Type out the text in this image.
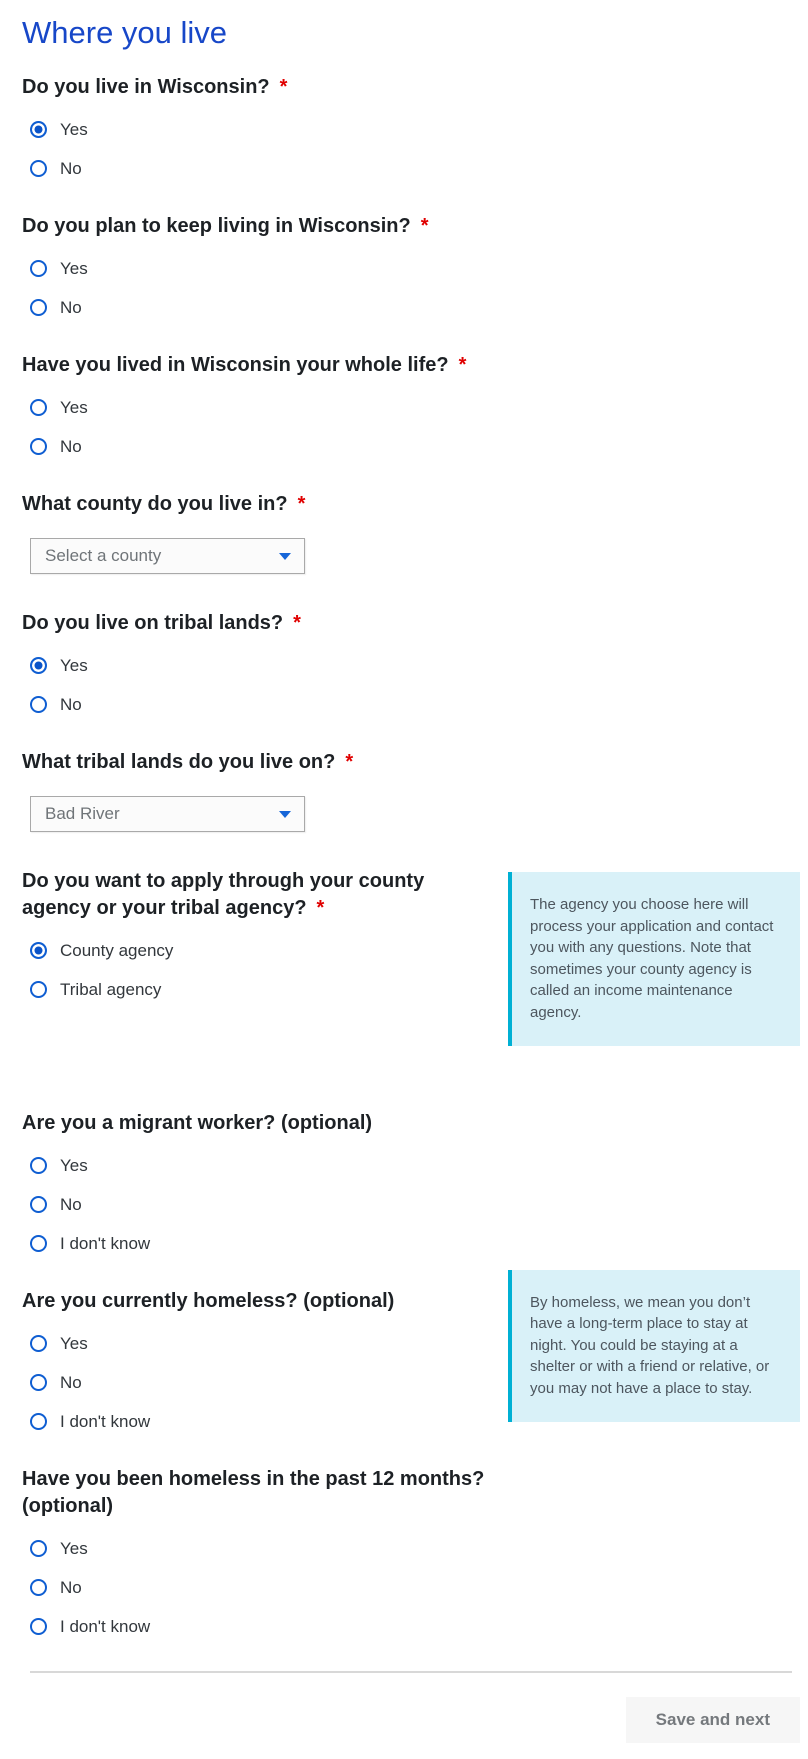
Where you live
Do you live in Wisconsin? *
Yes
No
Do you plan to keep living in Wisconsin? *
Yes
No
Have you lived in Wisconsin your whole life? *
Yes
No
What county do you live in? *
Select a county
Do you live on tribal lands? *
Yes
No
What tribal lands do you live on? *
Bad River
Do you want to apply through your county agency or your tribal agency? *
County agency
Tribal agency
The agency you choose here will process your application and contact you with any questions. Note that sometimes your county agency is called an income maintenance agency.
Are you a migrant worker? (optional)
Yes
No
I don't know
Are you currently homeless? (optional)
Yes
No
I don't know
By homeless, we mean you don’t have a long-term place to stay at night. You could be staying at a shelter or with a friend or relative, or you may not have a place to stay.
Have you been homeless in the past 12 months? (optional)
Yes
No
I don't know
Save and next
